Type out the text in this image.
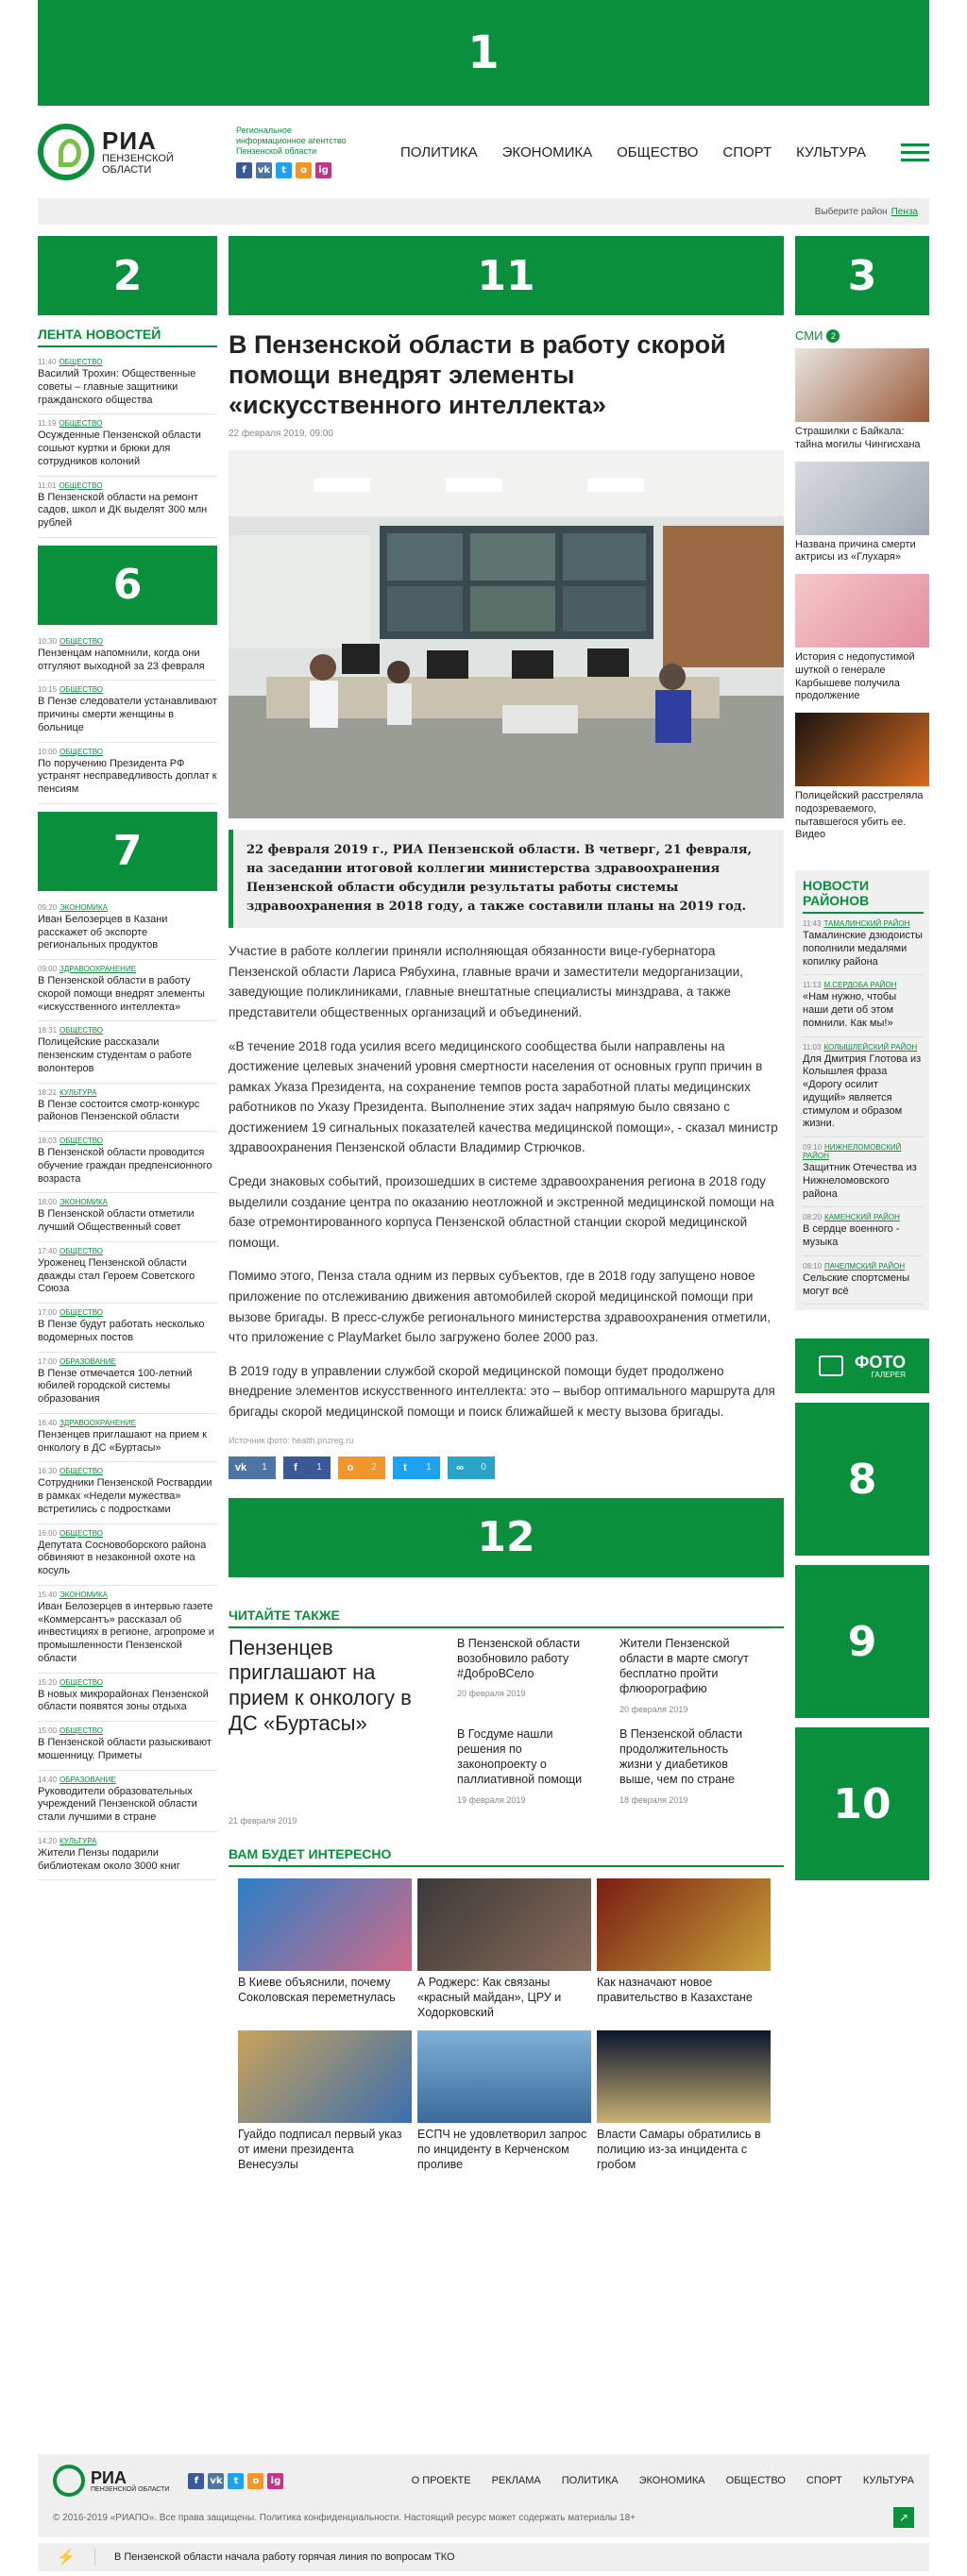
1
РИА
ПЕНЗЕНСКОЙ
ОБЛАСТИ
Региональное
информационное агентство
Пензенской области
f	vk	t	o	ig
ПОЛИТИКА ЭКОНОМИКА ОБЩЕСТВО СПОРТ КУЛЬТУРА
Выберите район Пенза
2
ЛЕНТА НОВОСТЕЙ
11:40 ОБЩЕСТВО
Василий Трохин: Общественные советы – главные защитники гражданского общества
11:19 ОБЩЕСТВО
Осужденные Пензенской области сошьют куртки и брюки для сотрудников колоний
11:01 ОБЩЕСТВО
В Пензенской области на ремонт садов, школ и ДК выделят 300 млн рублей
6
10:30 ОБЩЕСТВО
Пензенцам напомнили, когда они отгуляют выходной за 23 февраля
10:15 ОБЩЕСТВО
В Пензе следователи устанавливают причины смерти женщины в больнице
10:00 ОБЩЕСТВО
По поручению Президента РФ устранят несправедливость доплат к пенсиям
7
09:20 ЭКОНОМИКА
Иван Белозерцев в Казани расскажет об экспорте региональных продуктов
09:00 ЗДРАВООХРАНЕНИЕ
В Пензенской области в работу скорой помощи внедрят элементы «искусственного интеллекта»
18:31 ОБЩЕСТВО
Полицейские рассказали пензенским студентам о работе волонтеров
18:21 КУЛЬТУРА
В Пензе состоится смотр-конкурс районов Пензенской области
18:03 ОБЩЕСТВО
В Пензенской области проводится обучение граждан предпенсионного возраста
18:00 ЭКОНОМИКА
В Пензенской области отметили лучший Общественный совет
17:40 ОБЩЕСТВО
Уроженец Пензенской области дважды стал Героем Советского Союза
17:00 ОБЩЕСТВО
В Пензе будут работать несколько водомерных постов
17:00 ОБРАЗОВАНИЕ
В Пензе отмечается 100-летний юбилей городской системы образования
16:40 ЗДРАВООХРАНЕНИЕ
Пензенцев приглашают на прием к онкологу в ДС «Буртасы»
16:30 ОБЩЕСТВО
Сотрудники Пензенской Росгвардии в рамках «Недели мужества» встретились с подростками
16:00 ОБЩЕСТВО
Депутата Сосновоборского района обвиняют в незаконной охоте на косуль
15:40 ЭКОНОМИКА
Иван Белозерцев в интервью газете «Коммерсантъ» рассказал об инвестициях в регионе, агропроме и промышленности Пензенской области
15:20 ОБЩЕСТВО
В новых микрорайонах Пензенской области появятся зоны отдыха
15:00 ОБЩЕСТВО
В Пензенской области разыскивают мошенницу. Приметы
14:40 ОБРАЗОВАНИЕ
Руководители образовательных учреждений Пензенской области стали лучшими в стране
14:20 КУЛЬТУРА
Жители Пензы подарили библиотекам около 3000 книг
11
В Пензенской области в работу скорой помощи внедрят элементы «искусственного интеллекта»
22 февраля 2019, 09:00
22 февраля 2019 г., РИА Пензенской области. В четверг, 21 февраля, на заседании итоговой коллегии министерства здравоохранения Пензенской области обсудили результаты работы системы здравоохранения в 2018 году, а также составили планы на 2019 год.

Участие в работе коллегии приняли исполняющая обязанности вице-губернатора Пензенской области Лариса Рябухина, главные врачи и заместители медорганизации, заведующие поликлиниками, главные внештатные специалисты минздрава, а также представители общественных организаций и объединений.

«В течение 2018 года усилия всего медицинского сообщества были направлены на достижение целевых значений уровня смертности населения от основных групп причин в рамках Указа Президента, на сохранение темпов роста заработной платы медицинских работников по Указу Президента. Выполнение этих задач напрямую было связано с достижением 19 сигнальных показателей качества медицинской помощи», - сказал министр здравоохранения Пензенской области Владимир Стрючков.

Среди знаковых событий, произошедших в системе здравоохранения региона в 2018 году выделили создание центра по оказанию неотложной и экстренной медицинской помощи на базе отремонтированного корпуса Пензенской областной станции скорой медицинской помощи.

Помимо этого, Пенза стала одним из первых субъектов, где в 2018 году запущено новое приложение по отслеживанию движения автомобилей скорой медицинской помощи при вызове бригады. В пресс-службе регионального министерства здравоохранения отметили, что приложение с PlayMarket было загружено более 2000 раз.

В 2019 году в управлении службой скорой медицинской помощи будет продолжено внедрение элементов искусственного интеллекта: это – выбор оптимального маршрута для бригады скорой медицинской помощи и поиск ближайшей к месту вызова бригады.

Источник фото: health.pnzreg.ru
vk	1	f	1	o	2	t	1	∞	0
12
ЧИТАЙТЕ ТАКЖЕ
Пензенцев приглашают на прием к онкологу в ДС «Буртасы»
21 февраля 2019
В Пензенской области возобновило работу #ДоброВСело
20 февраля 2019
В Госдуме нашли решения по законопроекту о паллиативной помощи
19 февраля 2019
Жители Пензенской области в марте смогут бесплатно пройти флюорографию
20 февраля 2019
В Пензенской области продолжительность жизни у диабетиков выше, чем по стране
18 февраля 2019
ВАМ БУДЕТ ИНТЕРЕСНО
В Киеве объяснили, почему Соколовская переметнулась
А Роджерс: Как связаны «красный майдан», ЦРУ и Ходорковский
Как назначают новое правительство в Казахстане
Гуайдо подписал первый указ от имени президента Венесуэлы
ЕСПЧ не удовлетворил запрос по инциденту в Керченском проливе
Власти Самары обратились в полицию из-за инцидента с гробом
3
СМИ 2
Страшилки с Байкала: тайна могилы Чингисхана
Названа причина смерти актрисы из «Глухаря»
История с недопустимой шуткой о генерале Карбышеве получила продолжение
Полицейский расстреляла подозреваемого, пытавшегося убить ее. Видео
НОВОСТИ РАЙОНОВ
11:43 ТАМАЛИНСКИЙ РАЙОН
Тамалинские дзюдоисты пополнили медалями копилку района
11:13 М.СЕРДОБА РАЙОН
«Нам нужно, чтобы наши дети об этом помнили. Как мы!»
11:03 КОЛЫШЛЕЙСКИЙ РАЙОН
Для Дмитрия Глотова из Колышлея фраза «Дорогу осилит идущий» является стимулом и образом жизни.
09:10 НИЖНЕЛОМОВСКИЙ РАЙОН
Защитник Отечества из Нижнеломовского района
08:20 КАМЕНСКИЙ РАЙОН
В сердце военного - музыка
08:10 ПАЧЕЛМСКИЙ РАЙОН
Сельские спортсмены могут всё
ФОТО
ГАЛЕРЕЯ
8
9
10
РИА
ПЕНЗЕНСКОЙ ОБЛАСТИ
f	vk	t	o	ig	О ПРОЕКТЕ РЕКЛАМА ПОЛИТИКА ЭКОНОМИКА ОБЩЕСТВО СПОРТ КУЛЬТУРА
© 2016-2019 «РИАПО». Все права защищены. Политика конфиденциальности. Настоящий ресурс может содержать материалы 18+	↗
⚡	В Пензенской области начала работу горячая линия по вопросам ТКО
